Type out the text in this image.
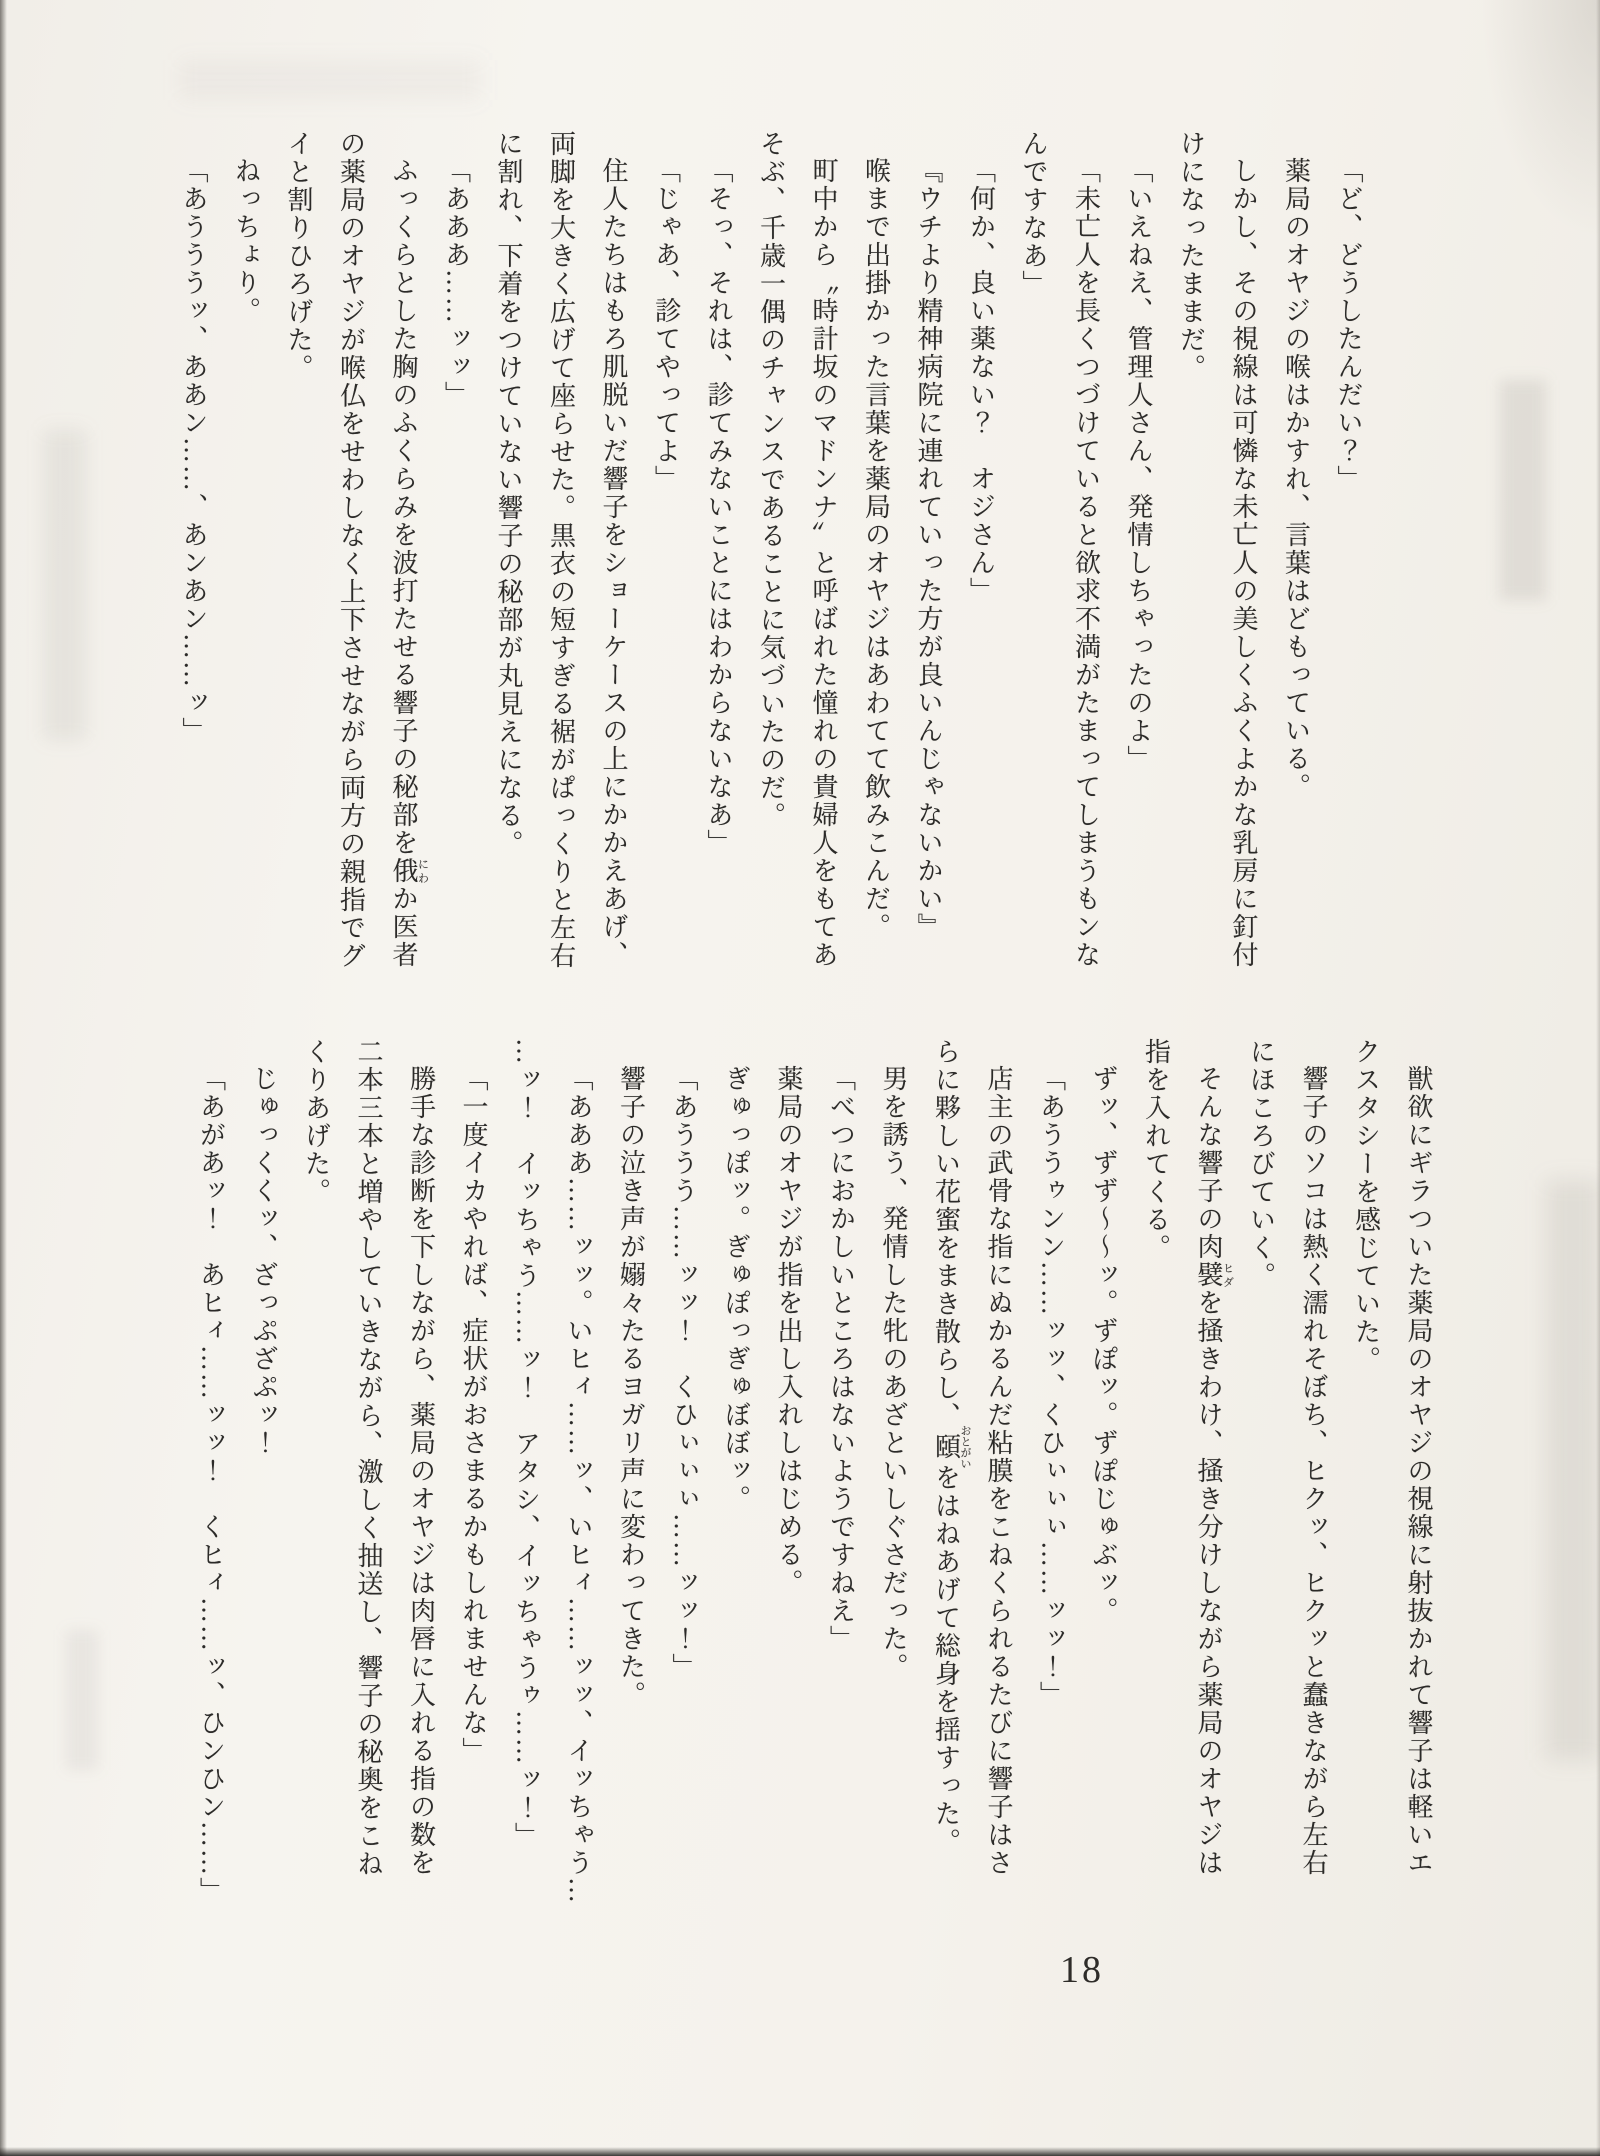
「ど、どうしたんだい？」
薬局のオヤジの喉はかすれ、言葉はどもっている。
しかし、その視線は可憐な未亡人の美しくふくよかな乳房に釘付
けになったままだ。
「いえねえ、管理人さん、発情しちゃったのよ」
「未亡人を長くつづけていると欲求不満がたまってしまうもンな
んですなあ」
「何か、良い薬ない？　オジさん」
『ウチより精神病院に連れていった方が良いんじゃないかい』
喉まで出掛かった言葉を薬局のオヤジはあわてて飲みこんだ。
町中から〝時計坂のマドンナ〟と呼ばれた憧れの貴婦人をもてあ
そぶ、千歳一偶のチャンスであることに気づいたのだ。
「そっ、それは、診てみないことにはわからないなあ」
「じゃあ、診てやってよ」
住人たちはもろ肌脱いだ響子をショーケースの上にかかえあげ、
両脚を大きく広げて座らせた。黒衣の短すぎる裾がぱっくりと左右
に割れ、下着をつけていない響子の秘部が丸見えになる。
「あああ……ッッ」
ふっくらとした胸のふくらみを波打たせる響子の秘部を俄にわか医者
の薬局のオヤジが喉仏をせわしなく上下させながら両方の親指でグ
イと割りひろげた。
ねっちょり。
「あうううッ、ああン……、あンあン……ッ」
獣欲にギラついた薬局のオヤジの視線に射抜かれて響子は軽いエ
クスタシーを感じていた。
響子のソコは熱く濡れそぼち、ヒクッ、ヒクッと蠢きながら左右
にほころびていく。
そんな響子の肉襞ヒダを掻きわけ、掻き分けしながら薬局のオヤジは
指を入れてくる。
ずッ、ずず〜〜ッ。ずぽッ。ずぽじゅぶッ。
「あううゥンン……ッッ、くひぃぃぃ……ッッ！」
店主の武骨な指にぬかるんだ粘膜をこねくられるたびに響子はさ
らに夥しい花蜜をまき散らし、頤おとがいをはねあげて総身を揺すった。
男を誘う、発情した牝のあざといしぐさだった。
「べつにおかしいところはないようですねえ」
薬局のオヤジが指を出し入れしはじめる。
ぎゅっぽッ。ぎゅぽっぎゅぼぼッ。
「あううう……ッッ！　くひぃぃぃ……ッッ！」
響子の泣き声が嫋々たるヨガリ声に変わってきた。
「あああ……ッッ。いヒィ……ッ、いヒィ……ッッ、イッちゃう…
…ッ！　イッちゃう……ッ！　アタシ、イッちゃうゥ……ッ！」
「一度イカやれば、症状がおさまるかもしれませんな」
勝手な診断を下しながら、薬局のオヤジは肉唇に入れる指の数を
二本三本と増やしていきながら、激しく抽送し、響子の秘奥をこね
くりあげた。
じゅっくくッ、ざっぷざぷッ！
「あがあッ！　あヒィ……ッッ！　くヒィ……ッ、ひンひン……」
18
